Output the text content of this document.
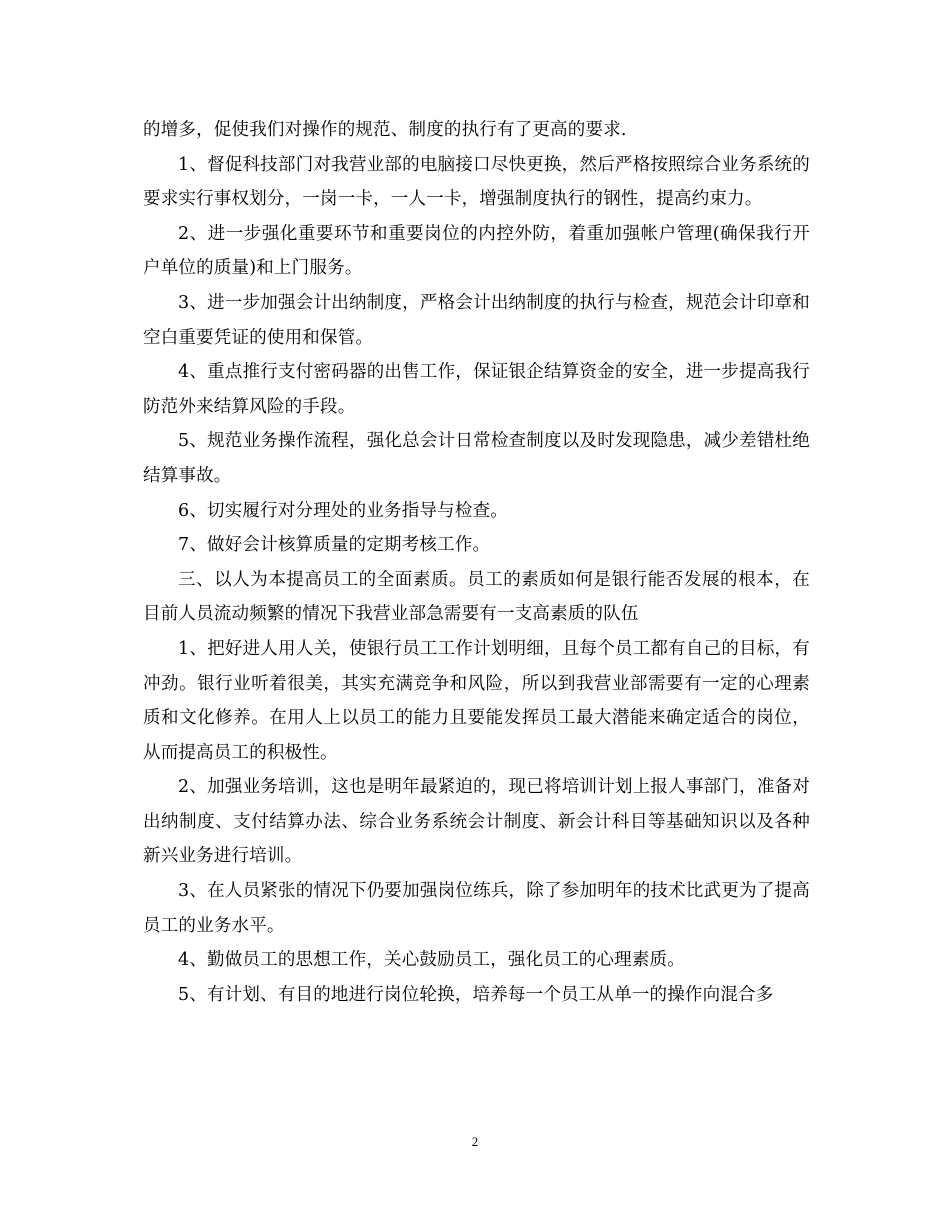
的增多，促使我们对操作的规范、制度的执行有了更高的要求.

1、督促科技部门对我营业部的电脑接口尽快更换，然后严格按照综合业务系统的要求实行事权划分，一岗一卡，一人一卡，增强制度执行的钢性，提高约束力。

2、进一步强化重要环节和重要岗位的内控外防，着重加强帐户管理(确保我行开户单位的质量)和上门服务。

3、进一步加强会计出纳制度，严格会计出纳制度的执行与检查，规范会计印章和空白重要凭证的使用和保管。

4、重点推行支付密码器的出售工作，保证银企结算资金的安全，进一步提高我行防范外来结算风险的手段。

5、规范业务操作流程，强化总会计日常检查制度以及时发现隐患，减少差错杜绝结算事故。

6、切实履行对分理处的业务指导与检查。

7、做好会计核算质量的定期考核工作。

三、以人为本提高员工的全面素质。员工的素质如何是银行能否发展的根本，在目前人员流动频繁的情况下我营业部急需要有一支高素质的队伍

1、把好进人用人关，使银行员工工作计划明细，且每个员工都有自己的目标，有冲劲。银行业听着很美，其实充满竞争和风险，所以到我营业部需要有一定的心理素质和文化修养。在用人上以员工的能力且要能发挥员工最大潜能来确定适合的岗位，从而提高员工的积极性。

2、加强业务培训，这也是明年最紧迫的，现已将培训计划上报人事部门，准备对出纳制度、支付结算办法、综合业务系统会计制度、新会计科目等基础知识以及各种新兴业务进行培训。

3、在人员紧张的情况下仍要加强岗位练兵，除了参加明年的技术比武更为了提高员工的业务水平。

4、勤做员工的思想工作，关心鼓励员工，强化员工的心理素质。

5、有计划、有目的地进行岗位轮换，培养每一个员工从单一的操作向混合多

2
